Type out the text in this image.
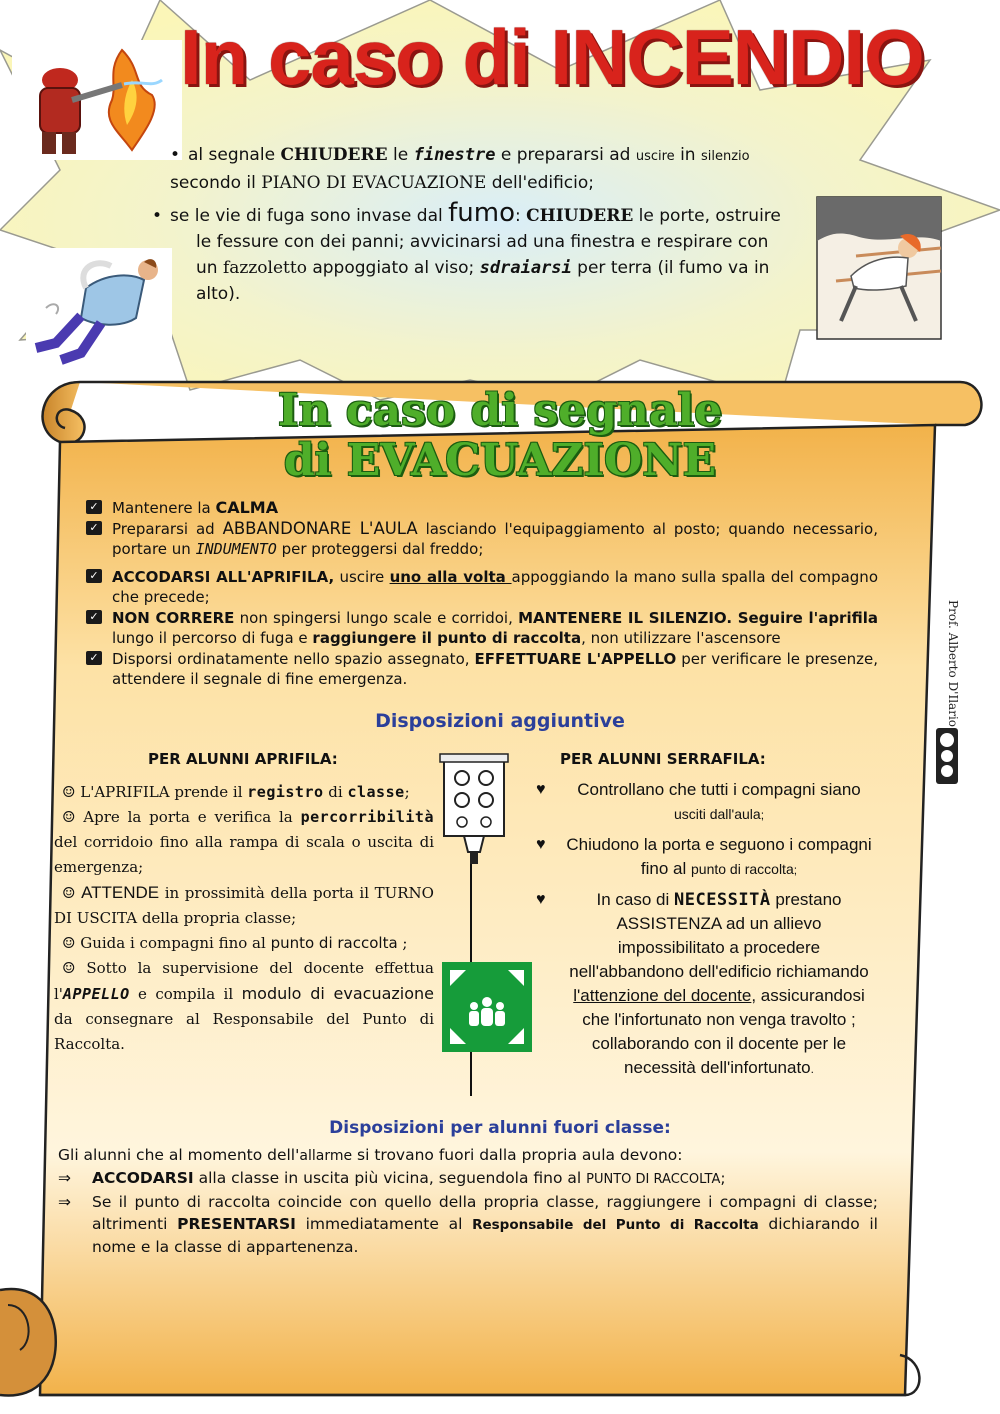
In caso di INCENDIO
• al segnale CHIUDERE le finestre e prepararsi ad uscire in silenzio
secondo il PIANO DI EVACUAZIONE dell'edificio;
• se le vie di fuga sono invase dal fumo: CHIUDERE le porte, ostruire
le fessure con dei panni; avvicinarsi ad una finestra e respirare con
un fazzoletto appoggiato al viso; sdraiarsi per terra (il fumo va in
alto).
In caso di segnale
di EVACUAZIONE
✓ Mantenere la CALMA
✓ Prepararsi ad ABBANDONARE L'AULA lasciando l'equipaggiamento al posto; quando necessario, portare un INDUMENTO per proteggersi dal freddo;
✓ ACCODARSI ALL'APRIFILA, uscire uno alla volta appoggiando la mano sulla spalla del compagno che precede;
✓ NON CORRERE non spingersi lungo scale e corridoi, MANTENERE IL SILENZIO. Seguire l'aprifila lungo il percorso di fuga e raggiungere il punto di raccolta, non utilizzare l'ascensore
✓ Disporsi ordinatamente nello spazio assegnato, EFFETTUARE L'APPELLO per verificare le presenze, attendere il segnale di fine emergenza.
Disposizioni aggiuntive
PER ALUNNI APRIFILA:	PER ALUNNI SERRAFILA:
☺ L'APRIFILA prende il registro di classe;
☺ Apre la porta e verifica la percorribilità del corridoio fino alla rampa di scala o uscita di emergenza;
☺ ATTENDE in prossimità della porta il TURNO DI USCITA della propria classe;
☺ Guida i compagni fino al punto di raccolta ;
☺ Sotto la supervisione del docente effettua l'APPELLO e compila il modulo di evacuazione da consegnare al Responsabile del Punto di Raccolta.
♥ Controllano che tutti i compagni siano usciti dall'aula;
♥ Chiudono la porta e seguono i compagni fino al punto di raccolta;
♥	In caso di NECESSITÀ prestano ASSISTENZA ad un allievo impossibilitato a procedere nell'abbandono dell'edificio richiamando l'attenzione del docente, assicurandosi che l'infortunato non venga travolto ; collaborando con il docente per le necessità dell'infortunato.
Disposizioni per alunni fuori classe:
Gli alunni che al momento dell'allarme si trovano fuori dalla propria aula devono:
⇒ ACCODARSI alla classe in uscita più vicina, seguendola fino al PUNTO DI RACCOLTA;
⇒ Se il punto di raccolta coincide con quello della propria classe, raggiungere i compagni di classe; altrimenti PRESENTARSI immediatamente al Responsabile del Punto di Raccolta dichiarando il nome e la classe di appartenenza.
Prof. Alberto D'Ilario
